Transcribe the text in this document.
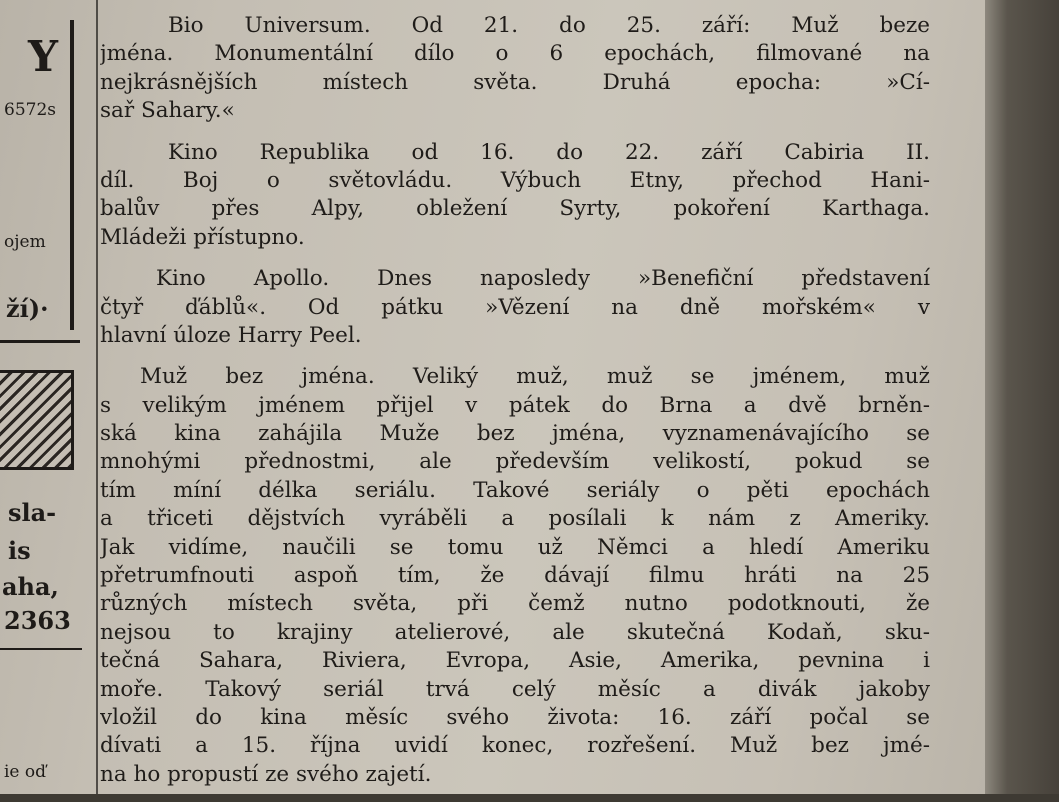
Y
6572s
ojem
ží)·
sla-
is
aha,
2363
ie oď
Bio Universum. Od 21. do 25. září: Muž beze
jména. Monumentální dílo o 6 epochách, filmované na
nejkrásnějších místech světa. Druhá epocha: »Cí-
sař Sahary.«
Kino Republika od 16. do 22. září Cabiria II.
díl. Boj o světovládu. Výbuch Etny, přechod Hani-
balův přes Alpy, obležení Syrty, pokoření Karthaga.
Mládeži přístupno.
Kino Apollo. Dnes naposledy »Benefiční představení
čtyř ďáblů«. Od pátku »Vězení na dně mořském« v
hlavní úloze Harry Peel.
Muž bez jména. Veliký muž, muž se jménem, muž
s velikým jménem přijel v pátek do Brna a dvě brněn-
ská kina zahájila Muže bez jména, vyznamenávajícího se
mnohými přednostmi, ale především velikostí, pokud se
tím míní délka seriálu. Takové seriály o pěti epochách
a třiceti dějstvích vyráběli a posílali k nám z Ameriky.
Jak vidíme, naučili se tomu už Němci a hledí Ameriku
přetrumfnouti aspoň tím, že dávají filmu hráti na 25
různých místech světa, při čemž nutno podotknouti, že
nejsou to krajiny atelierové, ale skutečná Kodaň, sku-
tečná Sahara, Riviera, Evropa, Asie, Amerika, pevnina i
moře. Takový seriál trvá celý měsíc a divák jakoby
vložil do kina měsíc svého života: 16. září počal se
dívati a 15. října uvidí konec, rozřešení. Muž bez jmé-
na ho propustí ze svého zajetí.
